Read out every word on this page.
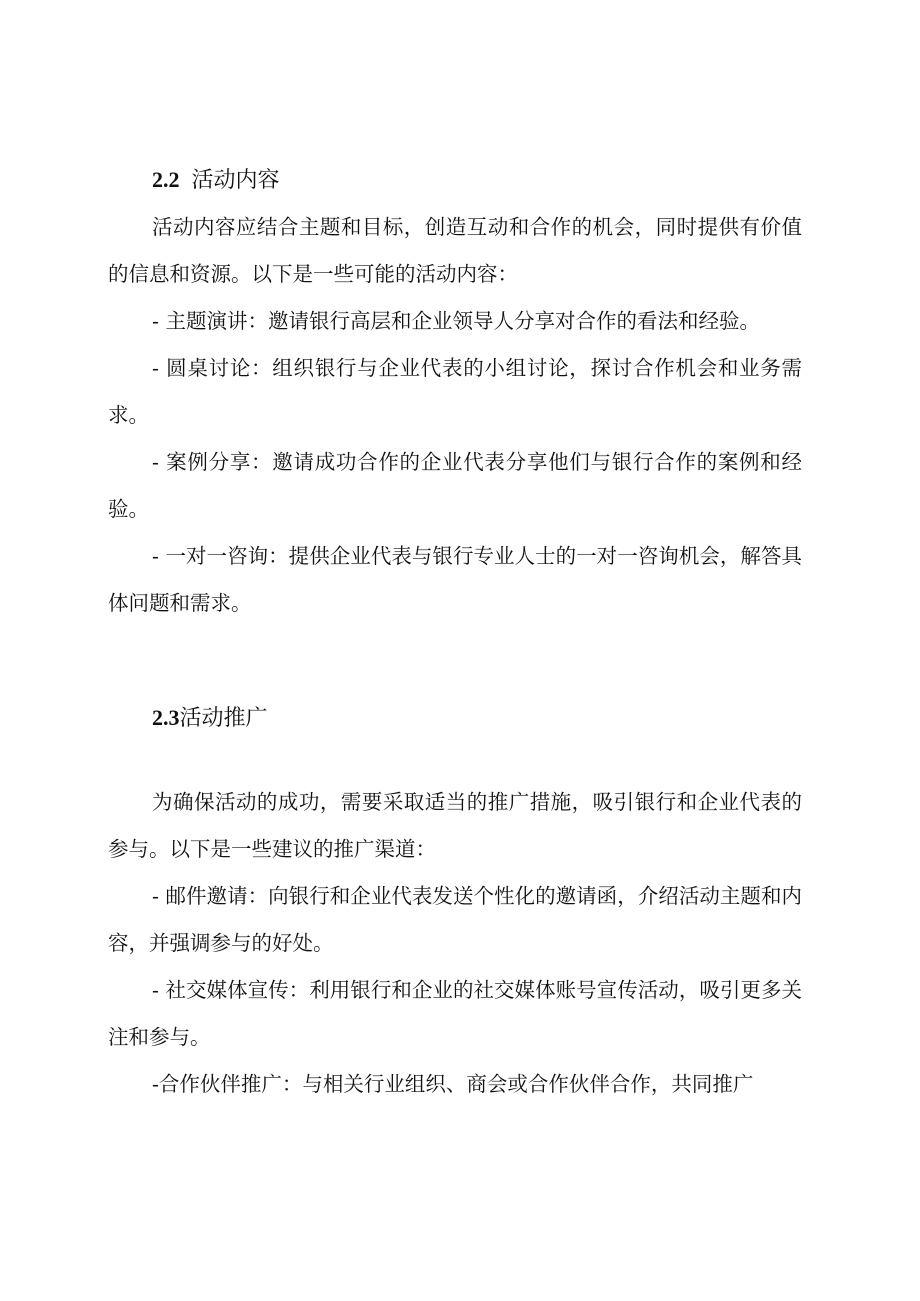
2.2 活动内容

活动内容应结合主题和目标，创造互动和合作的机会，同时提供有价值的信息和资源。以下是一些可能的活动内容：

- 主题演讲：邀请银行高层和企业领导人分享对合作的看法和经验。

- 圆桌讨论：组织银行与企业代表的小组讨论，探讨合作机会和业务需求。

- 案例分享：邀请成功合作的企业代表分享他们与银行合作的案例和经验。

- 一对一咨询：提供企业代表与银行专业人士的一对一咨询机会，解答具体问题和需求。

2.3活动推广

为确保活动的成功，需要采取适当的推广措施，吸引银行和企业代表的参与。以下是一些建议的推广渠道：

- 邮件邀请：向银行和企业代表发送个性化的邀请函，介绍活动主题和内容，并强调参与的好处。

- 社交媒体宣传：利用银行和企业的社交媒体账号宣传活动，吸引更多关注和参与。

-合作伙伴推广：与相关行业组织、商会或合作伙伴合作，共同推广
